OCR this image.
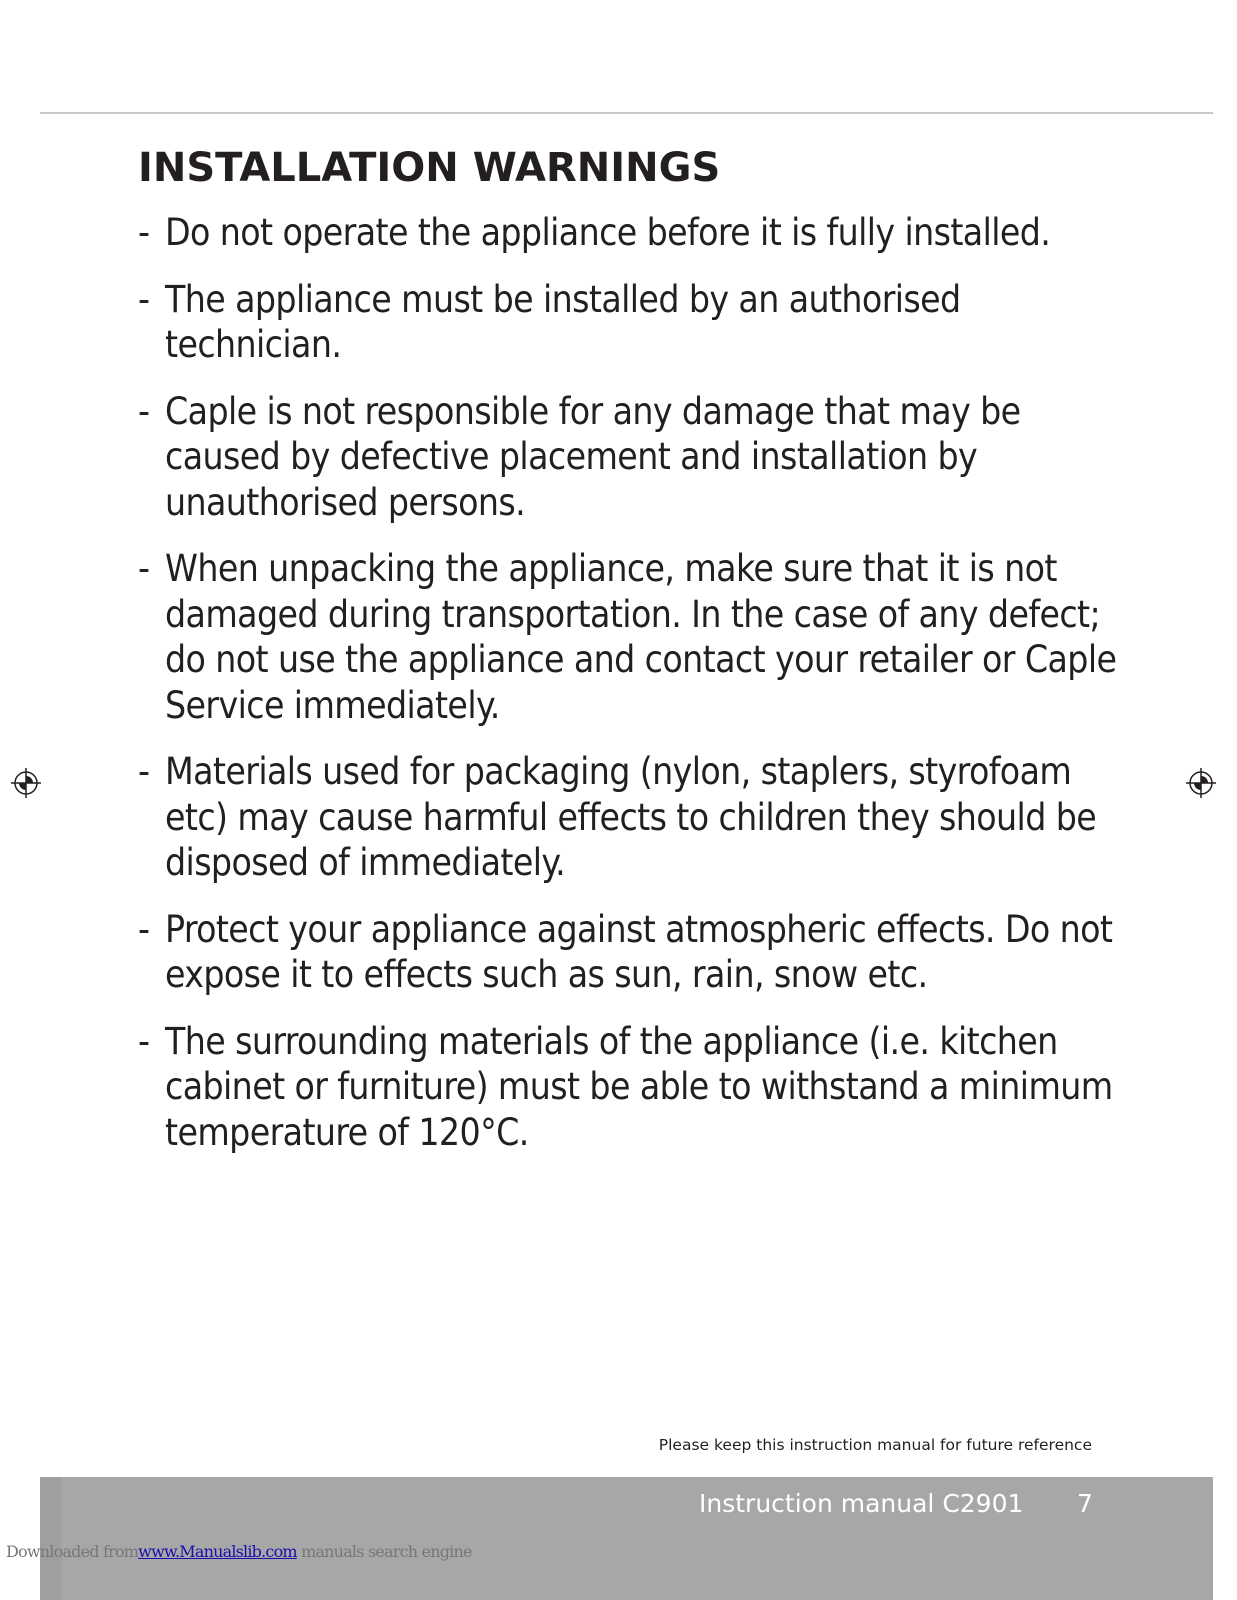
INSTALLATION WARNINGS
- Do not operate the appliance before it is fully installed.
- The appliance must be installed by an authorised technician.
- Caple is not responsible for any damage that may be caused by defective placement and installation by unauthorised persons.
- When unpacking the appliance, make sure that it is not damaged during transportation. In the case of any defect; do not use the appliance and contact your retailer or Caple Service immediately.
- Materials used for packaging (nylon, staplers, styrofoam etc) may cause harmful effects to children they should be disposed of immediately.
- Protect your appliance against atmospheric effects. Do not expose it to effects such as sun, rain, snow etc.
- The surrounding materials of the appliance (i.e. kitchen cabinet or furniture) must be able to withstand a minimum temperature of 120°C.
Please keep this instruction manual for future reference
Instruction manual C2901 7
Downloaded fromwww.Manualslib.com manuals search engine
